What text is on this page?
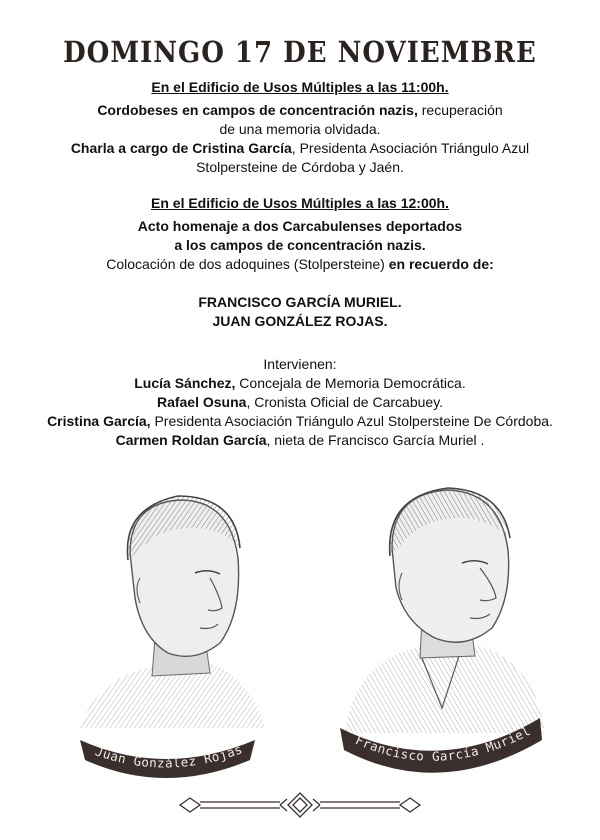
DOMINGO 17 DE NOVIEMBRE
En el Edificio de Usos Múltiples a las 11:00h.
Cordobeses en campos de concentración nazis, recuperación
de una memoria olvidada.
Charla a cargo de Cristina García, Presidenta Asociación Triángulo Azul
Stolpersteine de Córdoba y Jaén.
En el Edificio de Usos Múltiples a las 12:00h.
Acto homenaje a dos Carcabulenses deportados
a los campos de concentración nazis.
Colocación de dos adoquines (Stolpersteine) en recuerdo de:
FRANCISCO GARCÍA MURIEL.
JUAN GONZÁLEZ ROJAS.
Intervienen:
Lucía Sánchez, Concejala de Memoria Democrática.
Rafael Osuna, Cronista Oficial de Carcabuey.
Cristina García, Presidenta Asociación Triángulo Azul Stolpersteine De Córdoba.
Carmen Roldan García, nieta de Francisco García Muriel .
Juan González Rojas
Francisco García Muriel
